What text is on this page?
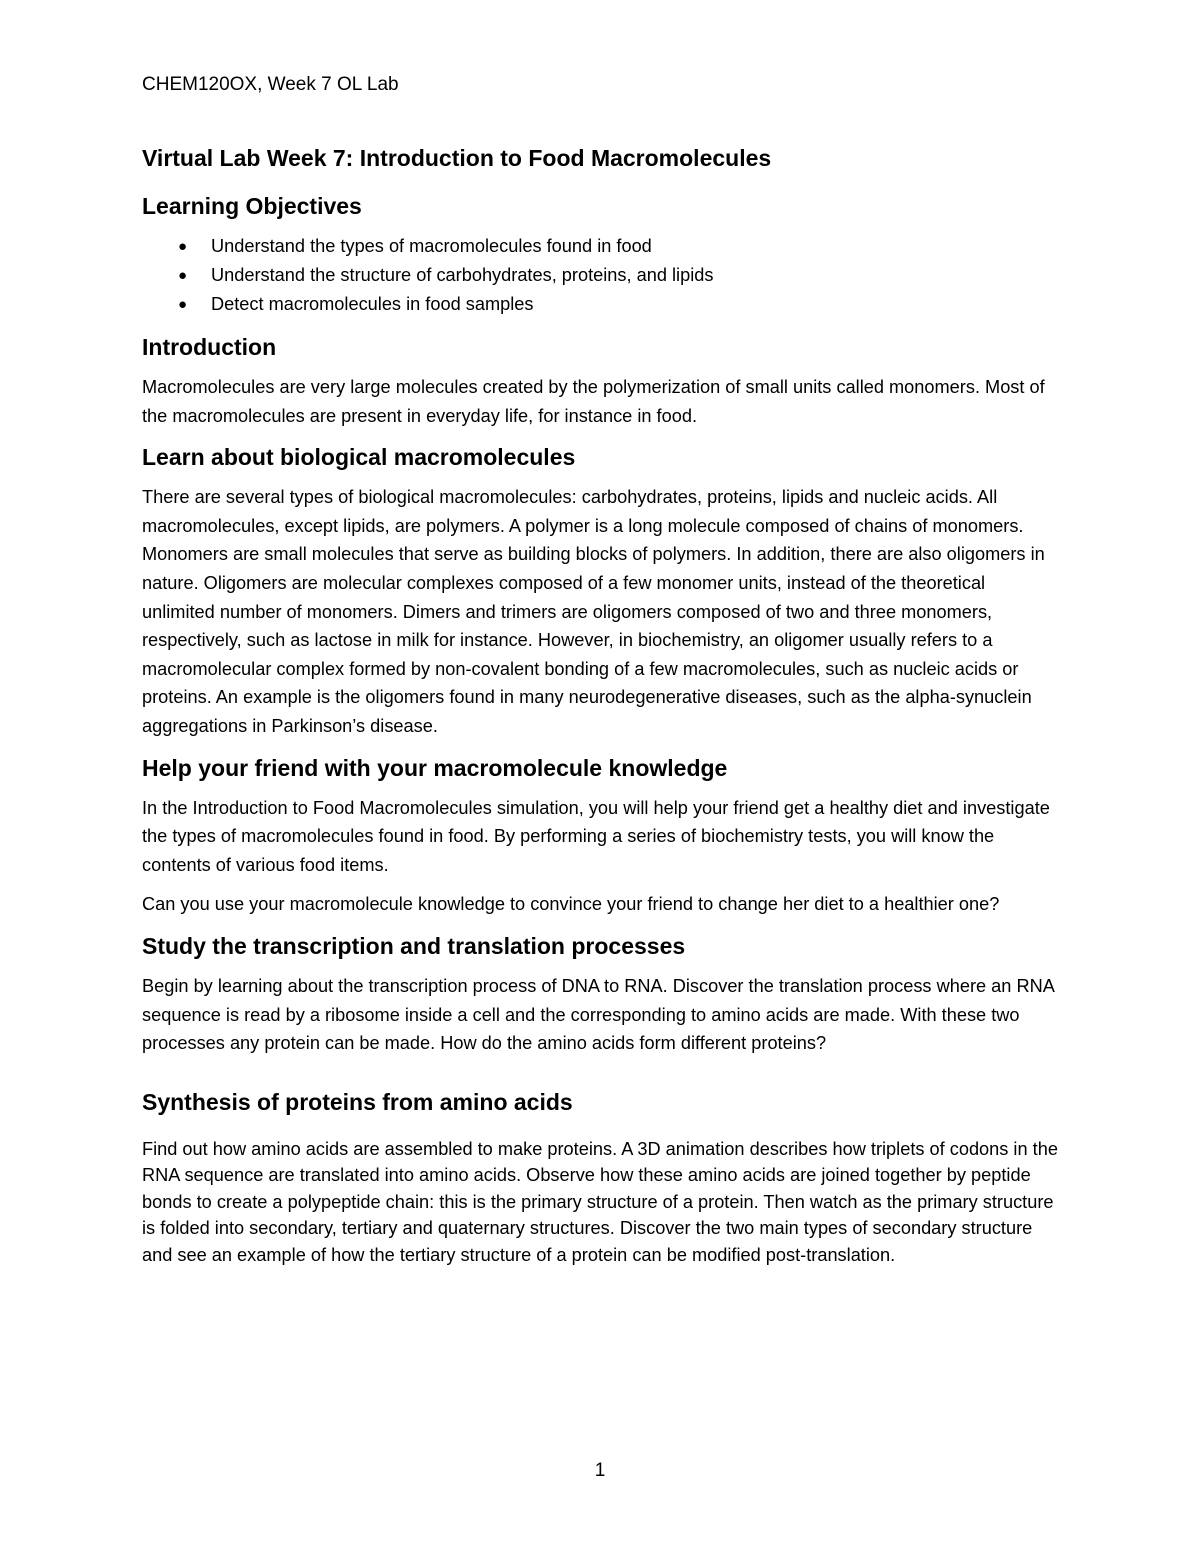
CHEM120OX, Week 7 OL Lab
Virtual Lab Week 7: Introduction to Food Macromolecules
Learning Objectives
● Understand the types of macromolecules found in food
● Understand the structure of carbohydrates, proteins, and lipids
● Detect macromolecules in food samples
Introduction

Macromolecules are very large molecules created by the polymerization of small units called monomers. Most of the macromolecules are present in everyday life, for instance in food.

Learn about biological macromolecules

There are several types of biological macromolecules: carbohydrates, proteins, lipids and nucleic acids. All macromolecules, except lipids, are polymers. A polymer is a long molecule composed of chains of monomers. Monomers are small molecules that serve as building blocks of polymers. In addition, there are also oligomers in nature. Oligomers are molecular complexes composed of a few monomer units, instead of the theoretical unlimited number of monomers. Dimers and trimers are oligomers composed of two and three monomers, respectively, such as lactose in milk for instance. However, in biochemistry, an oligomer usually refers to a macromolecular complex formed by non-covalent bonding of a few macromolecules, such as nucleic acids or proteins. An example is the oligomers found in many neurodegenerative diseases, such as the alpha-synuclein aggregations in Parkinson’s disease.

Help your friend with your macromolecule knowledge

In the Introduction to Food Macromolecules simulation, you will help your friend get a healthy diet and investigate the types of macromolecules found in food. By performing a series of biochemistry tests, you will know the contents of various food items.

Can you use your macromolecule knowledge to convince your friend to change her diet to a healthier one?

Study the transcription and translation processes

Begin by learning about the transcription process of DNA to RNA. Discover the translation process where an RNA sequence is read by a ribosome inside a cell and the corresponding to amino acids are made. With these two processes any protein can be made. How do the amino acids form different proteins?

Synthesis of proteins from amino acids

Find out how amino acids are assembled to make proteins. A 3D animation describes how triplets of codons in the RNA sequence are translated into amino acids. Observe how these amino acids are joined together by peptide bonds to create a polypeptide chain: this is the primary structure of a protein. Then watch as the primary structure is folded into secondary, tertiary and quaternary structures. Discover the two main types of secondary structure and see an example of how the tertiary structure of a protein can be modified post-translation.

1
